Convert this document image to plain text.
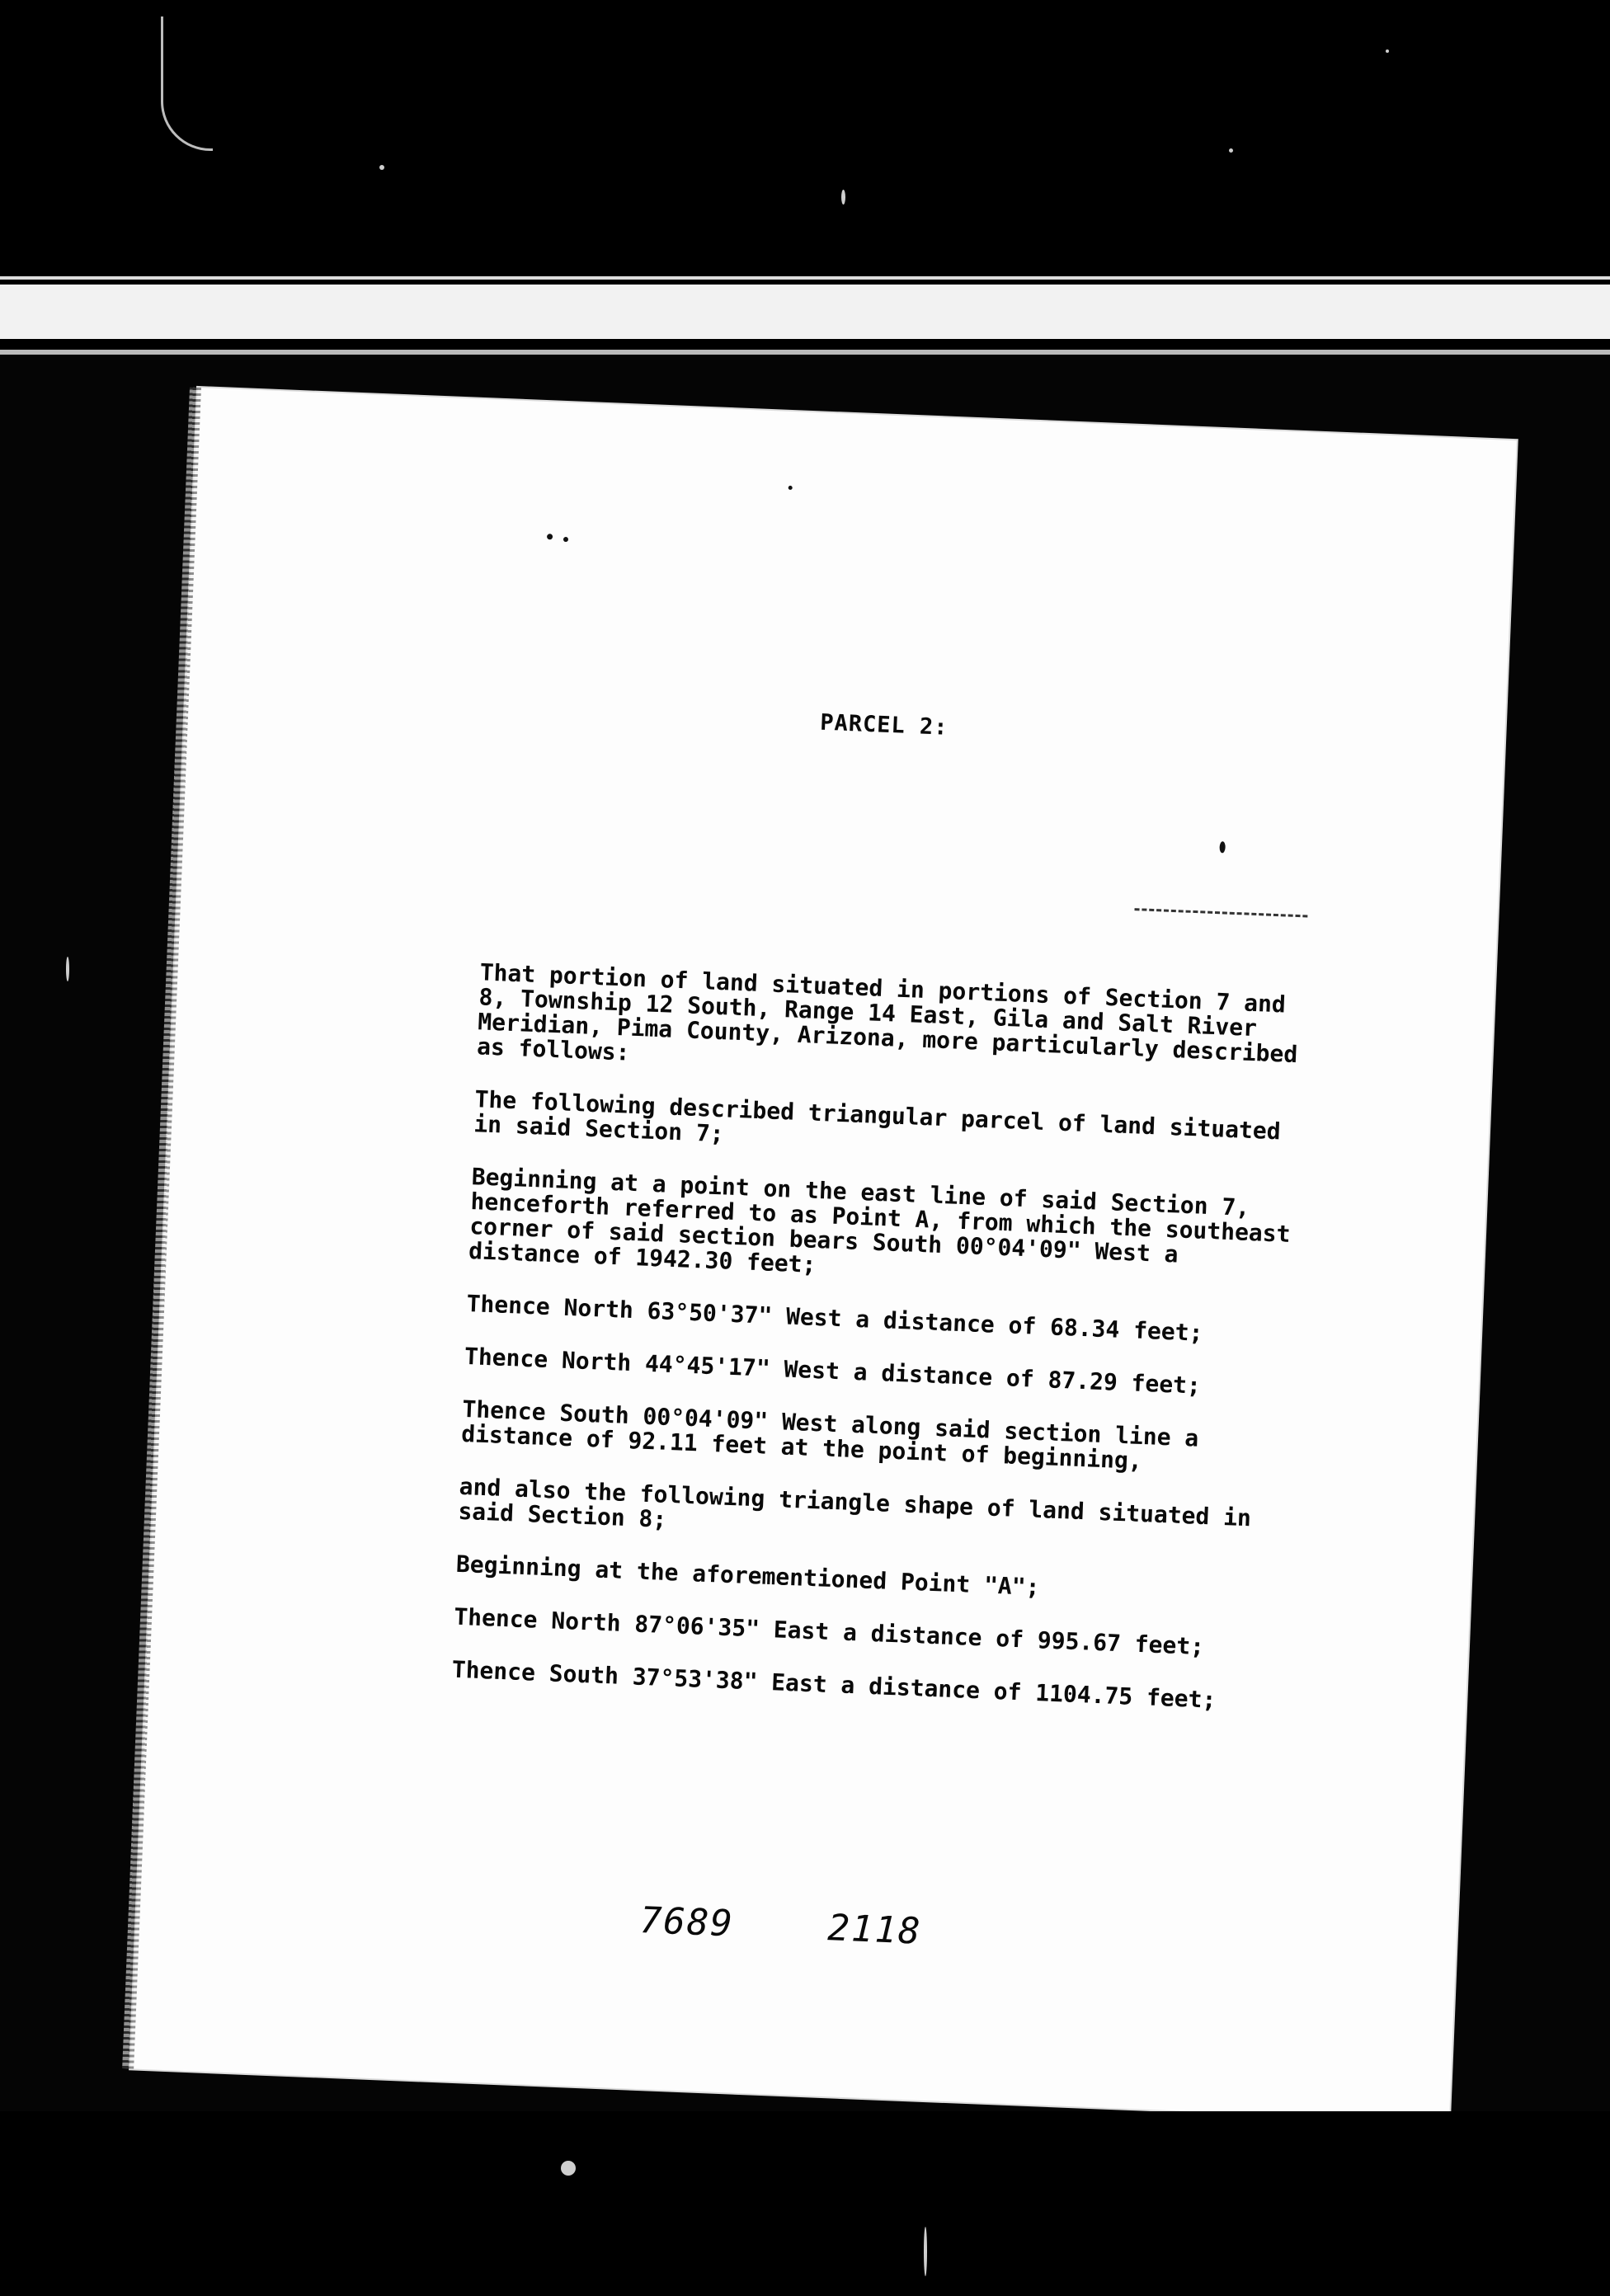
PARCEL 2:

That portion of land situated in portions of Section 7 and
8, Township 12 South, Range 14 East, Gila and Salt River
Meridian, Pima County, Arizona, more particularly described
as follows:

The following described triangular parcel of land situated
in said Section 7;

Beginning at a point on the east line of said Section 7,
henceforth referred to as Point A, from which the southeast
corner of said section bears South 00°04'09" West a
distance of 1942.30 feet;

Thence North 63°50'37" West a distance of 68.34 feet;

Thence North 44°45'17" West a distance of 87.29 feet;

Thence South 00°04'09" West along said section line a
distance of 92.11 feet at the point of beginning,

and also the following triangle shape of land situated in
said Section 8;

Beginning at the aforementioned Point "A";

Thence North 87°06'35" East a distance of 995.67 feet;

Thence South 37°53'38" East a distance of 1104.75 feet;

7689	2118
